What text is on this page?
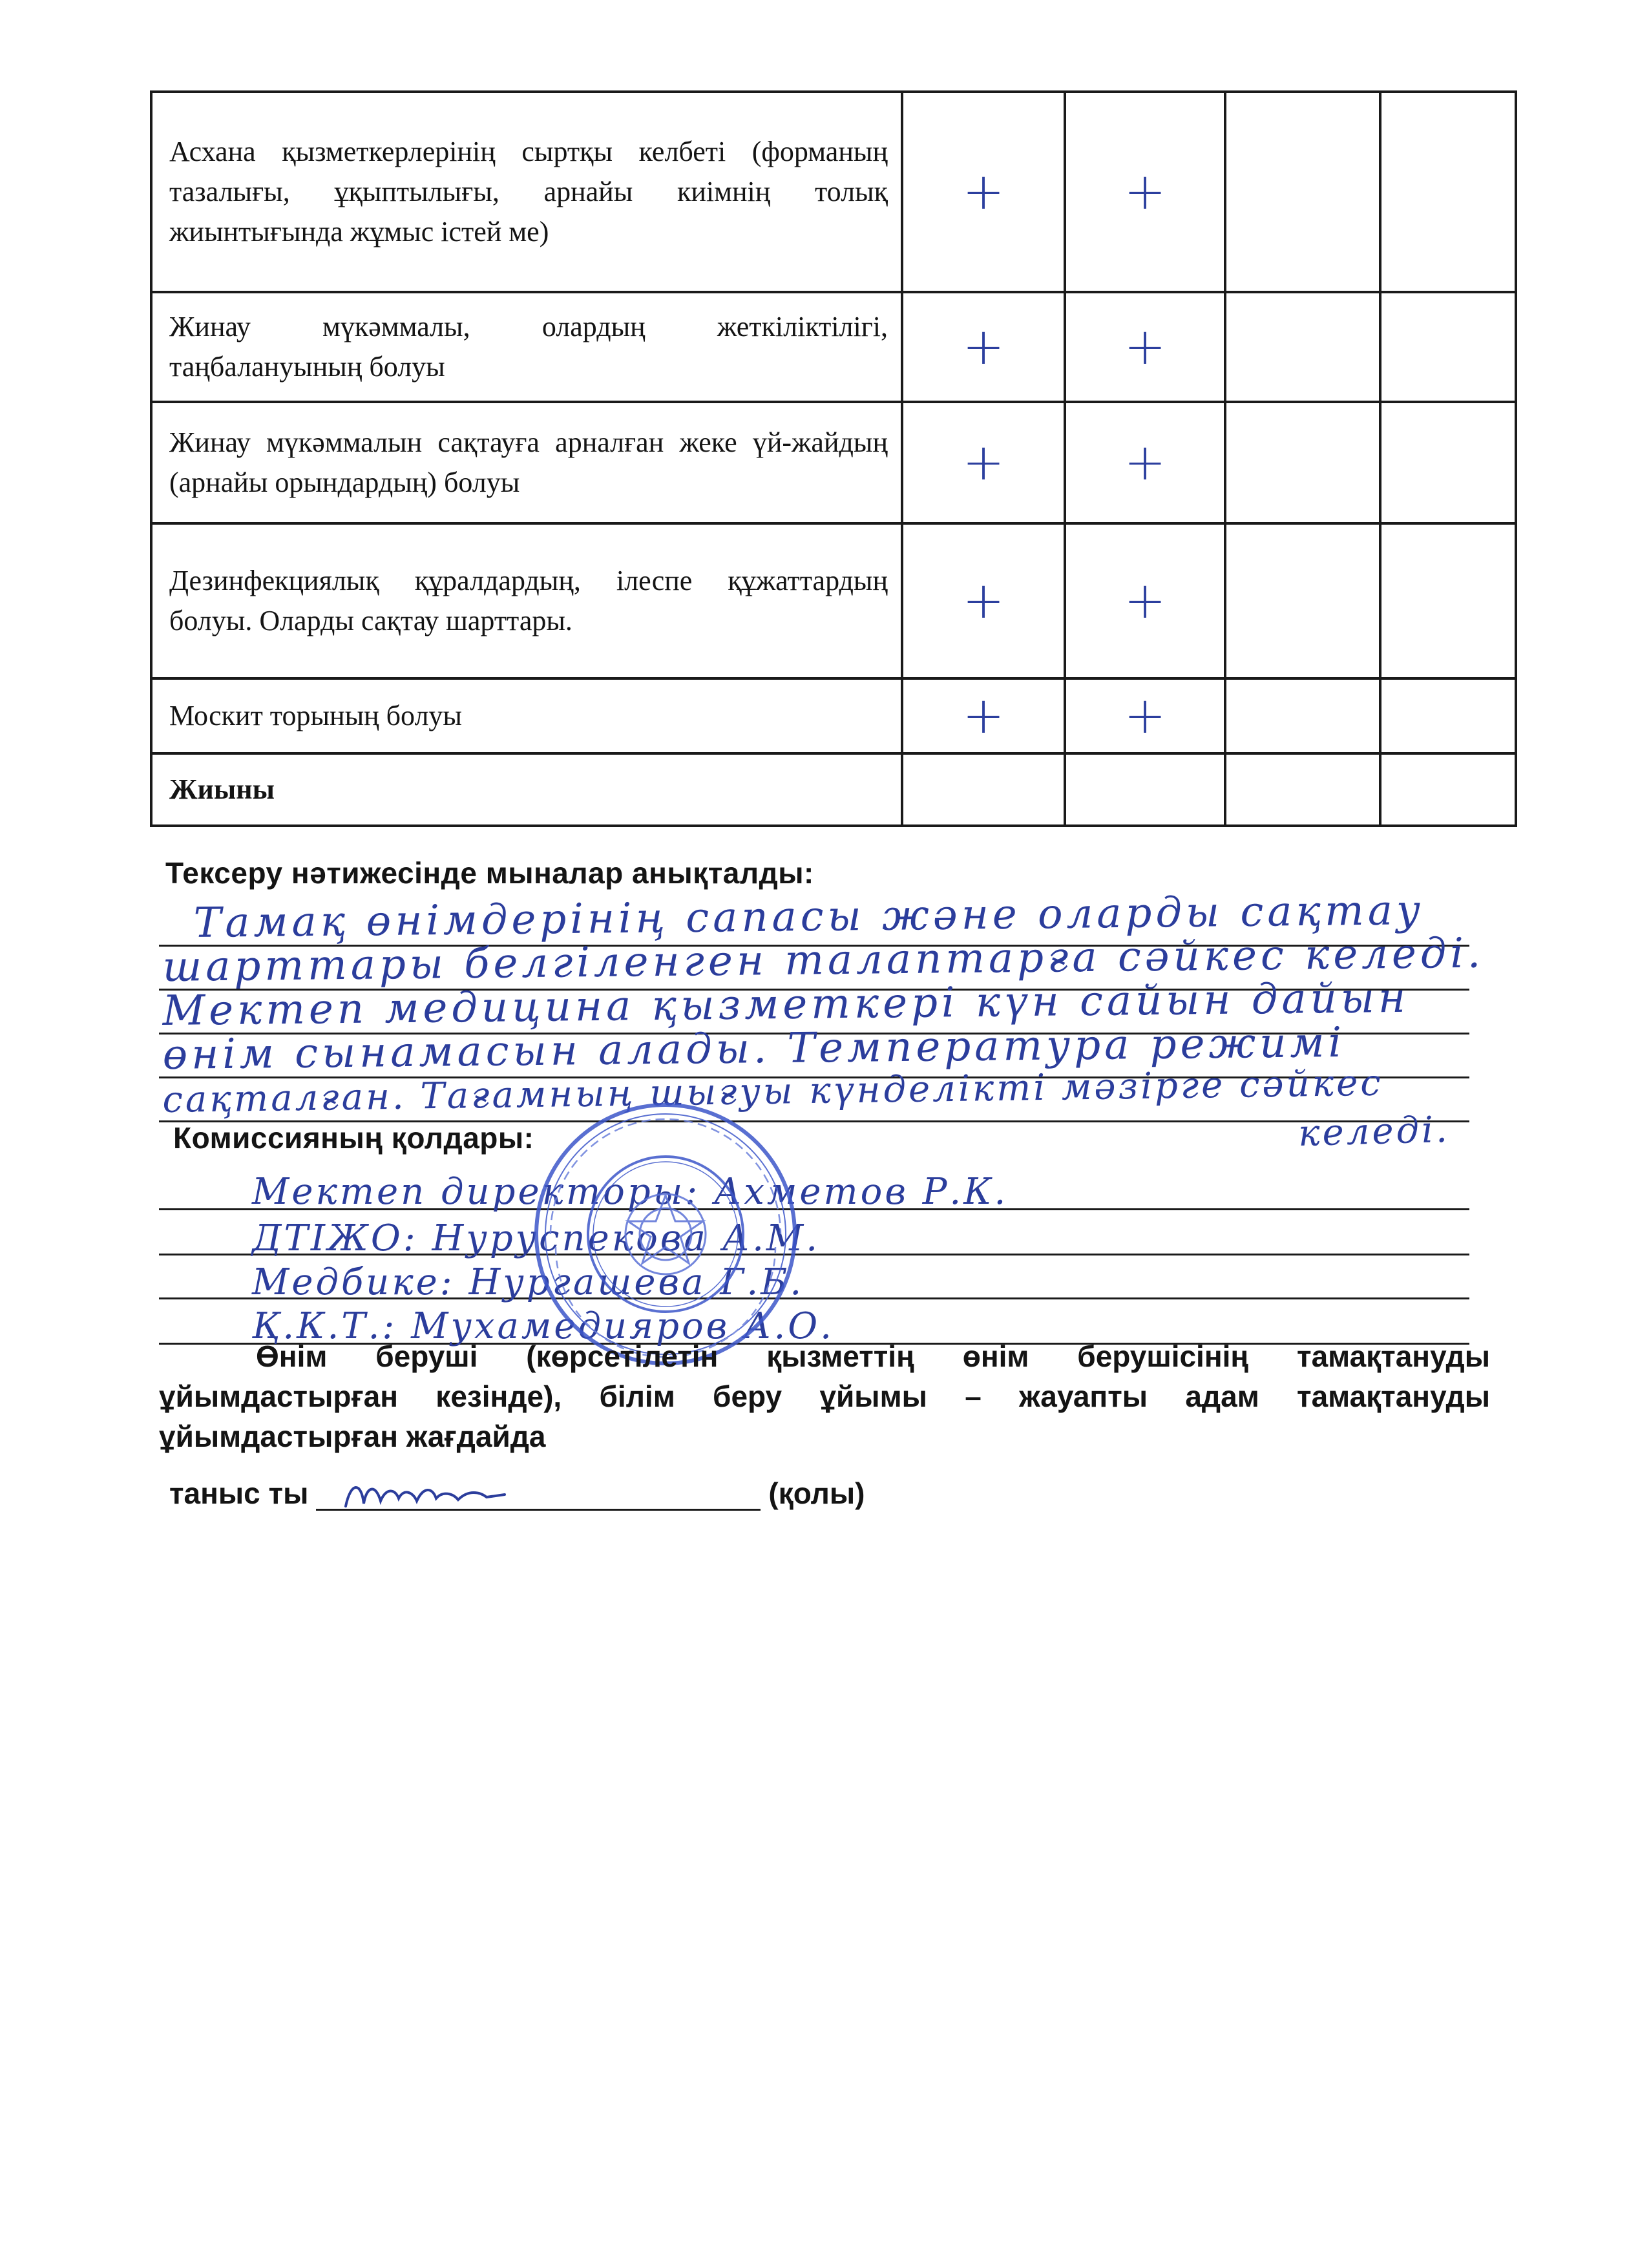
Асхана қызметкерлерінің сыртқы келбеті (форманың тазалығы, ұқыптылығы, арнайы киімнің толық жиынтығында жұмыс істей ме)	+	+		
Жинау мүкәммалы, олардың жеткіліктілігі, таңбалануының болуы	+	+		
Жинау мүкәммалын сақтауға арналған жеке үй-жайдың (арнайы орындардың) болуы	+	+		
Дезинфекциялық құралдардың, ілеспе құжаттардың болуы. Оларды сақтау шарттары.	+	+		
Москит торының болуы	+	+		
Жиыны				
Тексеру нәтижесінде мыналар анықталды:
Тамақ өнімдерінің сапасы және оларды сақтау
шарттары белгіленген талаптарға сәйкес келеді.
Мектеп медицина қызметкері күн сайын дайын
өнім сынамасын алады. Температура режимі
сақталған. Тағамның шығуы күнделікті мәзірге сәйкес
келеді.
Комиссияның қолдары:
Мектеп директоры: Ахметов Р.К.
ДТІЖО: Нуруспекова А.М.
Медбике: Нургашева Г.Б.
Қ.К.Т.: Мухамедияров А.О.
Өнім беруші (көрсетілетін қызметтің өнім берушісінің тамақтануды ұйымдастырған кезінде), білім беру ұйымы – жауапты адам тамақтануды ұйымдастырған жағдайда
таныс ты	(қолы)
